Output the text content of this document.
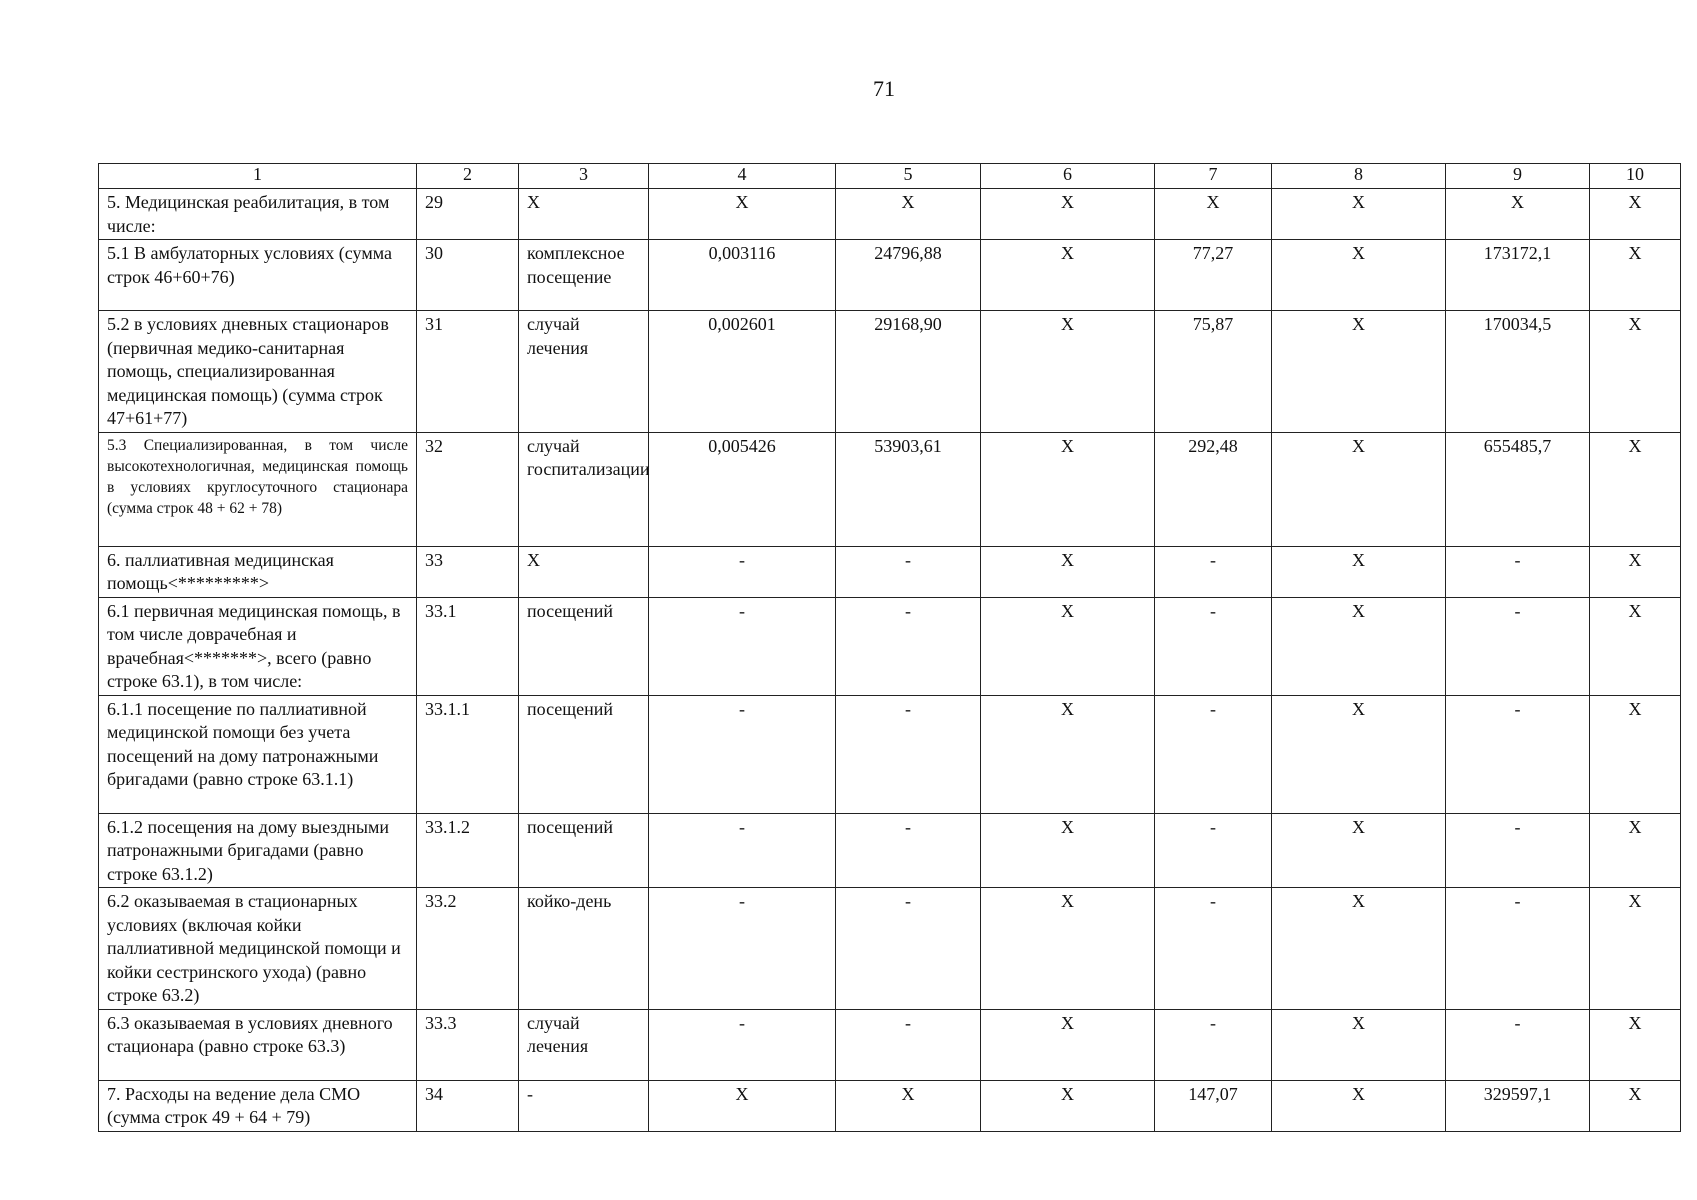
71
1	2	3	4	5	6	7	8	9	10
5. Медицинская реабилитация, в том числе:	29	X	X	X	X	X	X	X	X
5.1 В амбулаторных условиях (сумма строк 46+60+76)	30	комплексное посещение	0,003116	24796,88	X	77,27	X	173172,1	X
5.2 в условиях дневных стационаров (первичная медико-санитарная помощь, специализированная медицинская помощь) (сумма строк 47+61+77)	31	случай лечения	0,002601	29168,90	X	75,87	X	170034,5	X
5.3 Специализированная, в том числе высокотехнологичная, медицинская помощь в условиях круглосуточного стационара (сумма строк 48 + 62 + 78)	32	случай госпитализации	0,005426	53903,61	X	292,48	X	655485,7	X
6. паллиативная медицинская помощь<*********>	33	X	-	-	X	-	X	-	X
6.1 первичная медицинская помощь, в том числе доврачебная и врачебная<*******>, всего (равно строке 63.1), в том числе:	33.1	посещений	-	-	X	-	X	-	X
6.1.1 посещение по паллиативной медицинской помощи без учета посещений на дому патронажными бригадами (равно строке 63.1.1)	33.1.1	посещений	-	-	X	-	X	-	X
6.1.2 посещения на дому выездными патронажными бригадами (равно строке 63.1.2)	33.1.2	посещений	-	-	X	-	X	-	X
6.2 оказываемая в стационарных условиях (включая койки паллиативной медицинской помощи и койки сестринского ухода) (равно строке 63.2)	33.2	койко-день	-	-	X	-	X	-	X
6.3 оказываемая в условиях дневного стационара (равно строке 63.3)	33.3	случай лечения	-	-	X	-	X	-	X
7. Расходы на ведение дела СМО (сумма строк 49 + 64 + 79)	34	-	X	X	X	147,07	X	329597,1	X
